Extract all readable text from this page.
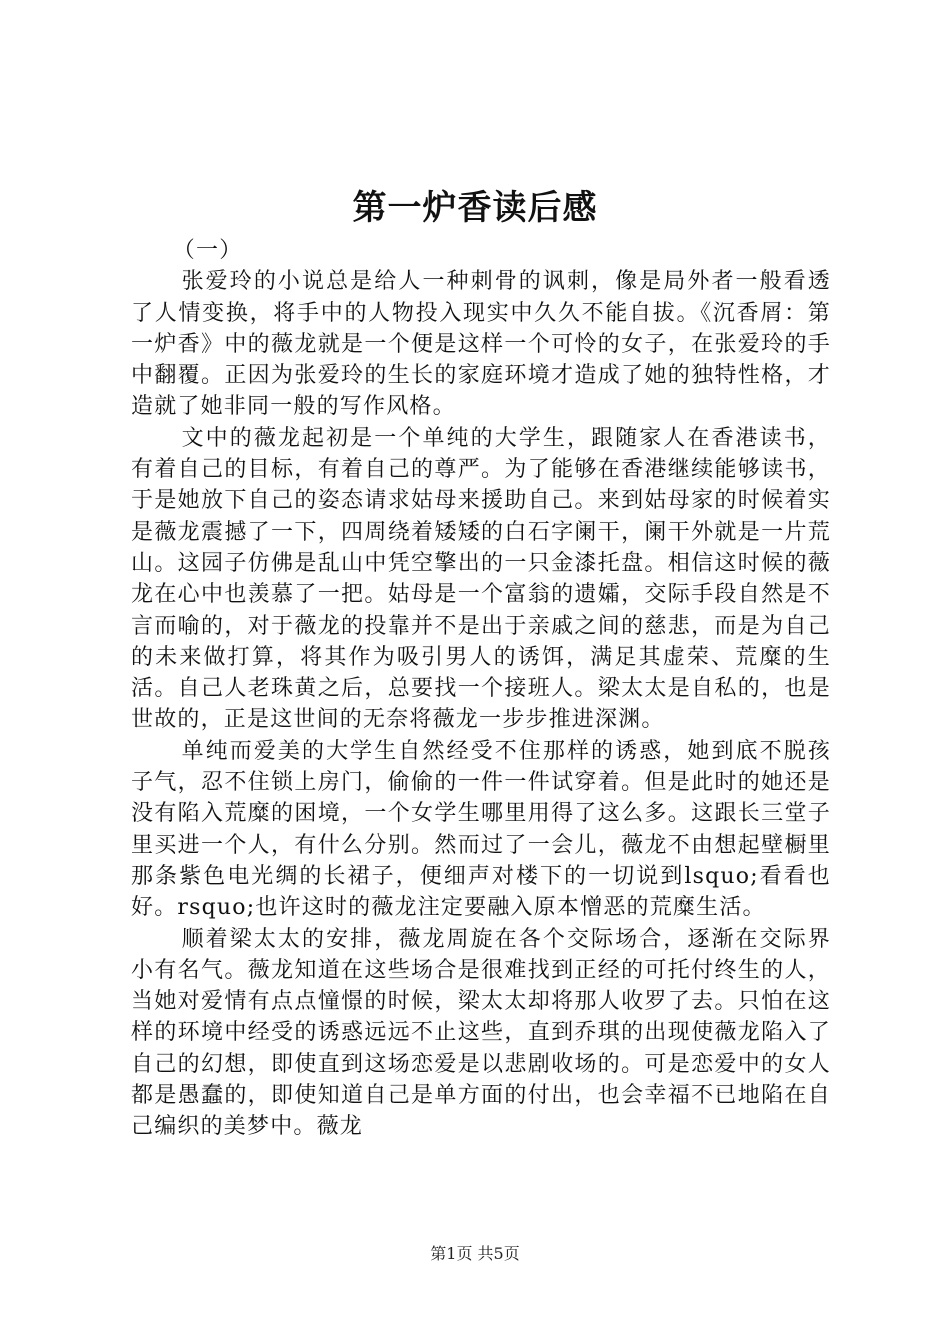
第一炉香读后感

（一）

张爱玲的小说总是给人一种刺骨的讽刺，像是局外者一般看透了人情变换，将手中的人物投入现实中久久不能自拔。《沉香屑：第一炉香》中的薇龙就是一个便是这样一个可怜的女子，在张爱玲的手中翻覆。正因为张爱玲的生长的家庭环境才造成了她的独特性格，才造就了她非同一般的写作风格。

文中的薇龙起初是一个单纯的大学生，跟随家人在香港读书，有着自己的目标，有着自己的尊严。为了能够在香港继续能够读书，于是她放下自己的姿态请求姑母来援助自己。来到姑母家的时候着实是薇龙震撼了一下，四周绕着矮矮的白石字阑干，阑干外就是一片荒山。这园子仿佛是乱山中凭空擎出的一只金漆托盘。相信这时候的薇龙在心中也羡慕了一把。姑母是一个富翁的遗孀，交际手段自然是不言而喻的，对于薇龙的投靠并不是出于亲戚之间的慈悲，而是为自己的未来做打算，将其作为吸引男人的诱饵，满足其虚荣、荒糜的生活。自己人老珠黄之后，总要找一个接班人。梁太太是自私的，也是世故的，正是这世间的无奈将薇龙一步步推进深渊。

单纯而爱美的大学生自然经受不住那样的诱惑，她到底不脱孩子气，忍不住锁上房门，偷偷的一件一件试穿着。但是此时的她还是没有陷入荒糜的困境，一个女学生哪里用得了这么多。这跟长三堂子里买进一个人，有什么分别。然而过了一会儿，薇龙不由想起壁橱里那条紫色电光绸的长裙子，便细声对楼下的一切说到lsquo;看看也好。rsquo;也许这时的薇龙注定要融入原本憎恶的荒糜生活。

顺着梁太太的安排，薇龙周旋在各个交际场合，逐渐在交际界小有名气。薇龙知道在这些场合是很难找到正经的可托付终生的人，当她对爱情有点点憧憬的时候，梁太太却将那人收罗了去。只怕在这样的环境中经受的诱惑远远不止这些，直到乔琪的出现使薇龙陷入了自己的幻想，即使直到这场恋爱是以悲剧收场的。可是恋爱中的女人都是愚蠢的，即使知道自己是单方面的付出，也会幸福不已地陷在自己编织的美梦中。薇龙

第1页 共5页
